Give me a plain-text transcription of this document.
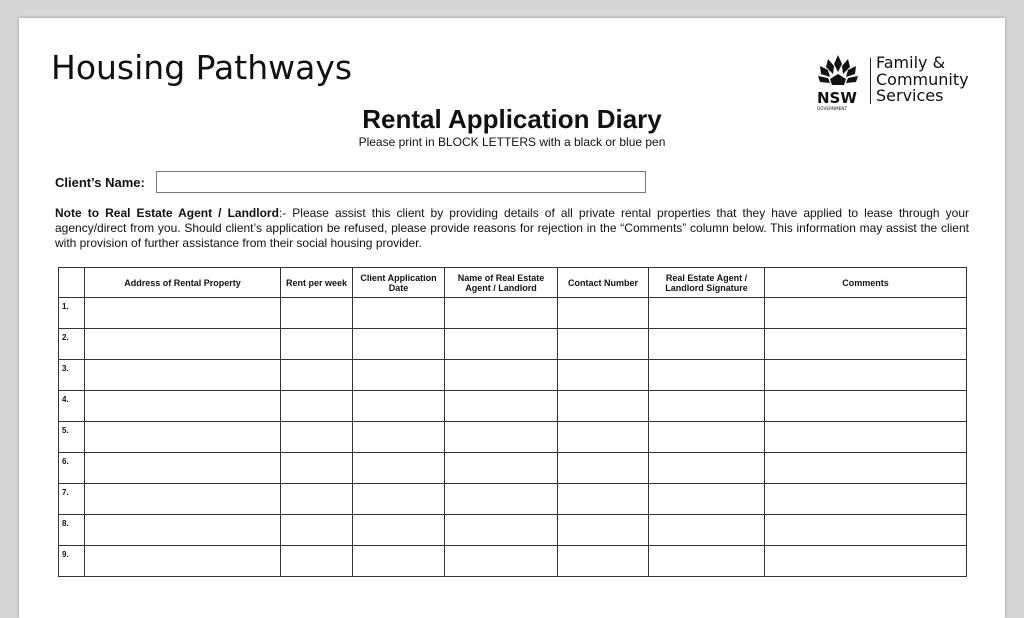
Housing Pathways
NSW
GOVERNMENT
Family &
Community
Services
Rental Application Diary
Please print in BLOCK LETTERS with a black or blue pen
Client’s Name:
Note to Real Estate Agent / Landlord:- Please assist this client by providing details of all private rental properties that they have applied to lease through your agency/direct from you. Should client’s application be refused, please provide reasons for rejection in the “Comments” column below. This information may assist the client with provision of further assistance from their social housing provider.
	Address of Rental Property	Rent per week	Client Application Date	Name of Real Estate Agent / Landlord	Contact Number	Real Estate Agent / Landlord Signature	Comments
1.							
2.							
3.							
4.							
5.							
6.							
7.							
8.							
9.							
